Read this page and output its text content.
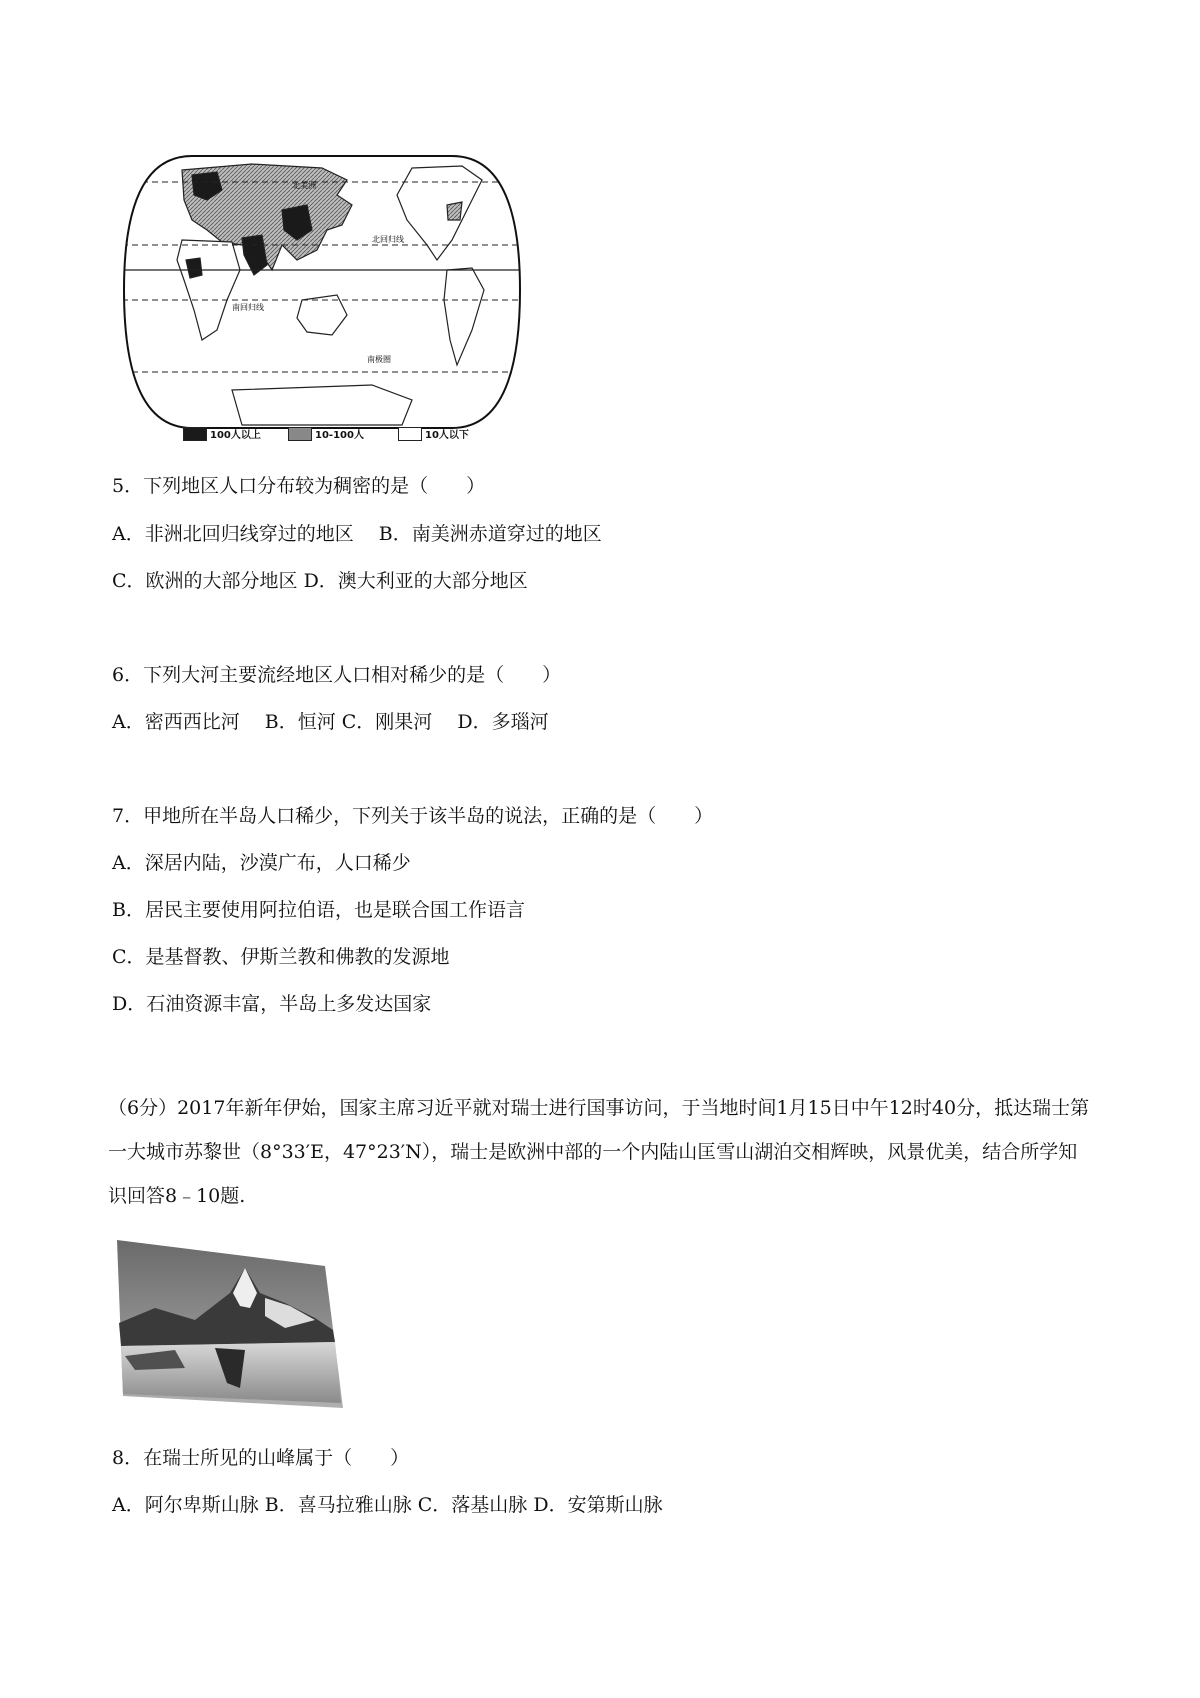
北美洲
北回归线
南回归线
南极圈
100人以上	10-100人	10人以下
5．下列地区人口分布较为稠密的是（　　）
A．非洲北回归线穿过的地区　 B．南美洲赤道穿过的地区
C．欧洲的大部分地区 D．澳大利亚的大部分地区
6．下列大河主要流经地区人口相对稀少的是（　　）
A．密西西比河　 B．恒河 C．刚果河　 D．多瑙河
7．甲地所在半岛人口稀少，下列关于该半岛的说法，正确的是（　　）
A．深居内陆，沙漠广布，人口稀少
B．居民主要使用阿拉伯语，也是联合国工作语言
C．是基督教、伊斯兰教和佛教的发源地
D．石油资源丰富，半岛上多发达国家
（6分）2017年新年伊始，国家主席习近平就对瑞士进行国事访问，于当地时间1月15日中午12时40分，抵达瑞士第一大城市苏黎世（8°33′E，47°23′N），瑞士是欧洲中部的一个内陆山匡雪山湖泊交相辉映，风景优美，结合所学知识回答8﹣10题.
8．在瑞士所见的山峰属于（　　）
A．阿尔卑斯山脉 B．喜马拉雅山脉 C．落基山脉 D．安第斯山脉
